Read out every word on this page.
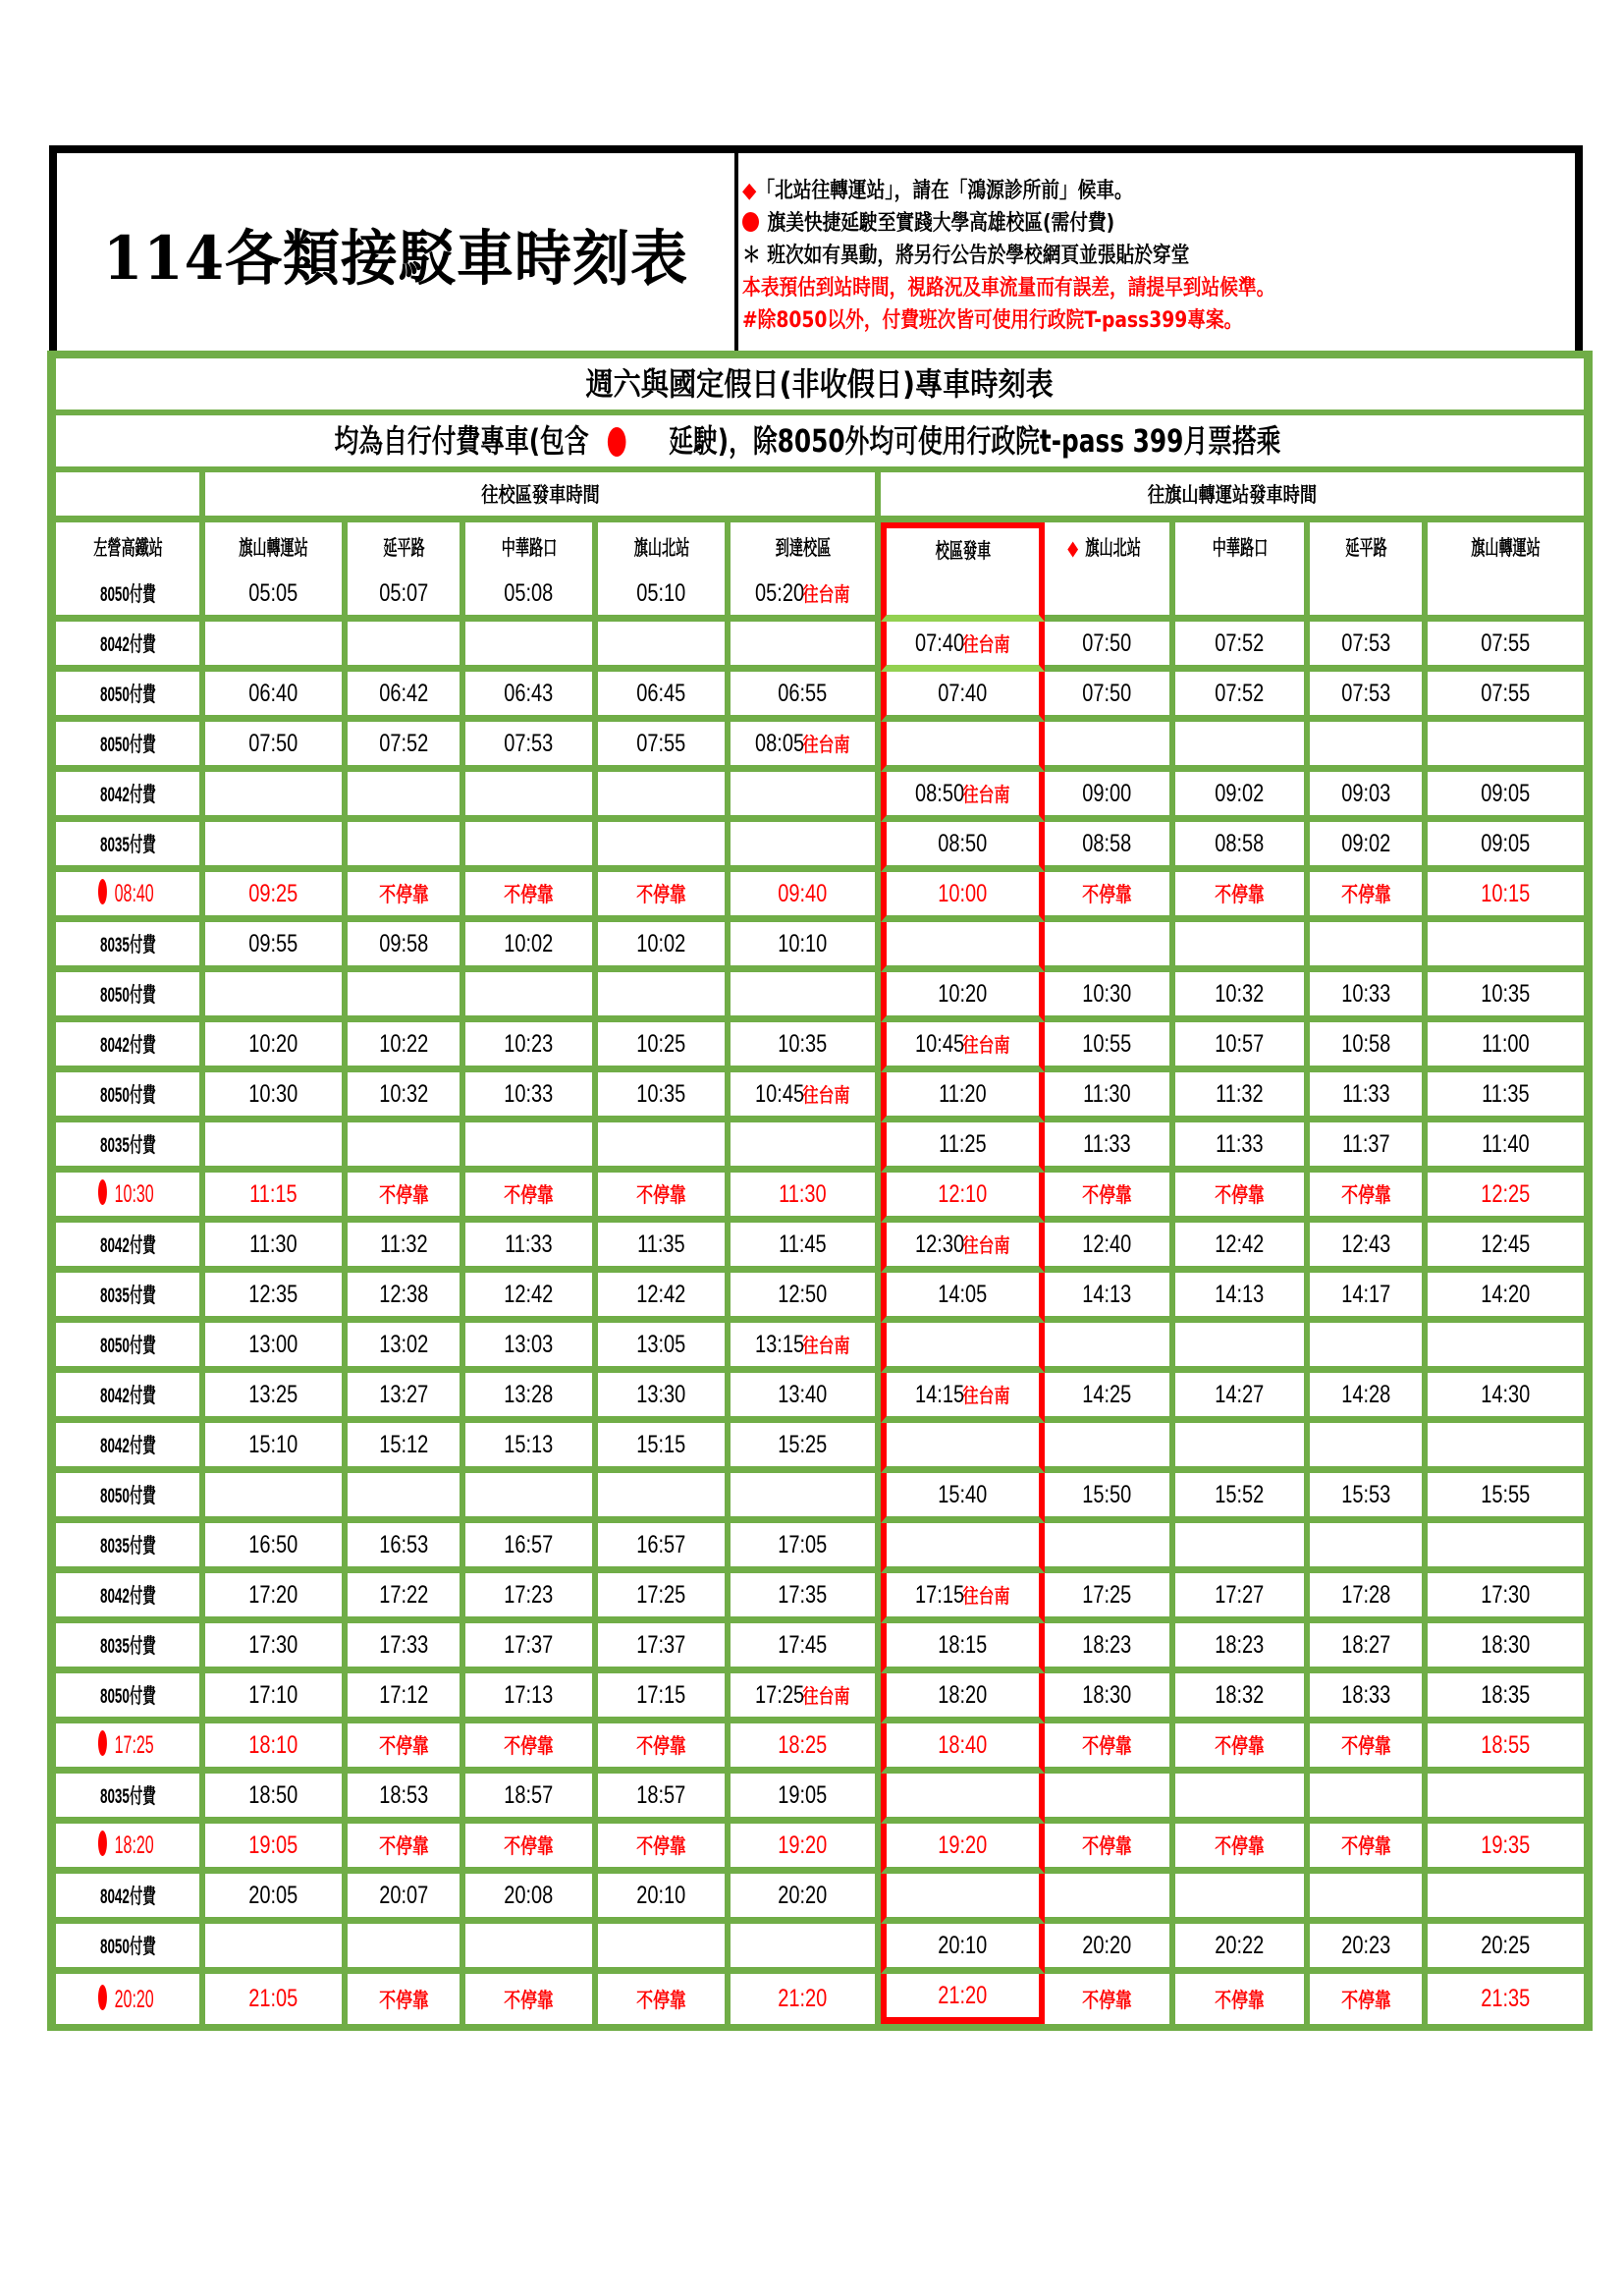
114各類接駁車時刻表
◆「北站往轉運站」，請在「鴻源診所前」候車。
旗美快捷延駛至實踐大學高雄校區(需付費)
＊ 班次如有異動，將另行公告於學校網頁並張貼於穿堂
本表預估到站時間，視路況及車流量而有誤差，請提早到站候準。
#除8050以外，付費班次皆可使用行政院T-pass399專案。
週六與國定假日(非收假日)專車時刻表
均為自行付費專車(包含	延駛)，除8050外均可使用行政院t-pass 399月票搭乘
	往校區發車時間					往旗山轉運站發車時間				
左營高鐵站	旗山轉運站	延平路	中華路口	旗山北站	到達校區	校區發車	◆ 旗山北站	中華路口	延平路	旗山轉運站
8050付費	05:05	05:07	05:08	05:10	05:20往台南					
8042付費						07:40往台南	07:50	07:52	07:53	07:55
8050付費	06:40	06:42	06:43	06:45	06:55	07:40	07:50	07:52	07:53	07:55
8050付費	07:50	07:52	07:53	07:55	08:05往台南					
8042付費						08:50往台南	09:00	09:02	09:03	09:05
8035付費						08:50	08:58	08:58	09:02	09:05
08:40	09:25	不停靠	不停靠	不停靠	09:40	10:00	不停靠	不停靠	不停靠	10:15
8035付費	09:55	09:58	10:02	10:02	10:10					
8050付費						10:20	10:30	10:32	10:33	10:35
8042付費	10:20	10:22	10:23	10:25	10:35	10:45往台南	10:55	10:57	10:58	11:00
8050付費	10:30	10:32	10:33	10:35	10:45往台南	11:20	11:30	11:32	11:33	11:35
8035付費						11:25	11:33	11:33	11:37	11:40
10:30	11:15	不停靠	不停靠	不停靠	11:30	12:10	不停靠	不停靠	不停靠	12:25
8042付費	11:30	11:32	11:33	11:35	11:45	12:30往台南	12:40	12:42	12:43	12:45
8035付費	12:35	12:38	12:42	12:42	12:50	14:05	14:13	14:13	14:17	14:20
8050付費	13:00	13:02	13:03	13:05	13:15往台南					
8042付費	13:25	13:27	13:28	13:30	13:40	14:15往台南	14:25	14:27	14:28	14:30
8042付費	15:10	15:12	15:13	15:15	15:25					
8050付費						15:40	15:50	15:52	15:53	15:55
8035付費	16:50	16:53	16:57	16:57	17:05					
8042付費	17:20	17:22	17:23	17:25	17:35	17:15往台南	17:25	17:27	17:28	17:30
8035付費	17:30	17:33	17:37	17:37	17:45	18:15	18:23	18:23	18:27	18:30
8050付費	17:10	17:12	17:13	17:15	17:25往台南	18:20	18:30	18:32	18:33	18:35
17:25	18:10	不停靠	不停靠	不停靠	18:25	18:40	不停靠	不停靠	不停靠	18:55
8035付費	18:50	18:53	18:57	18:57	19:05					
18:20	19:05	不停靠	不停靠	不停靠	19:20	19:20	不停靠	不停靠	不停靠	19:35
8042付費	20:05	20:07	20:08	20:10	20:20					
8050付費						20:10	20:20	20:22	20:23	20:25
20:20	21:05	不停靠	不停靠	不停靠	21:20	21:20	不停靠	不停靠	不停靠	21:35
